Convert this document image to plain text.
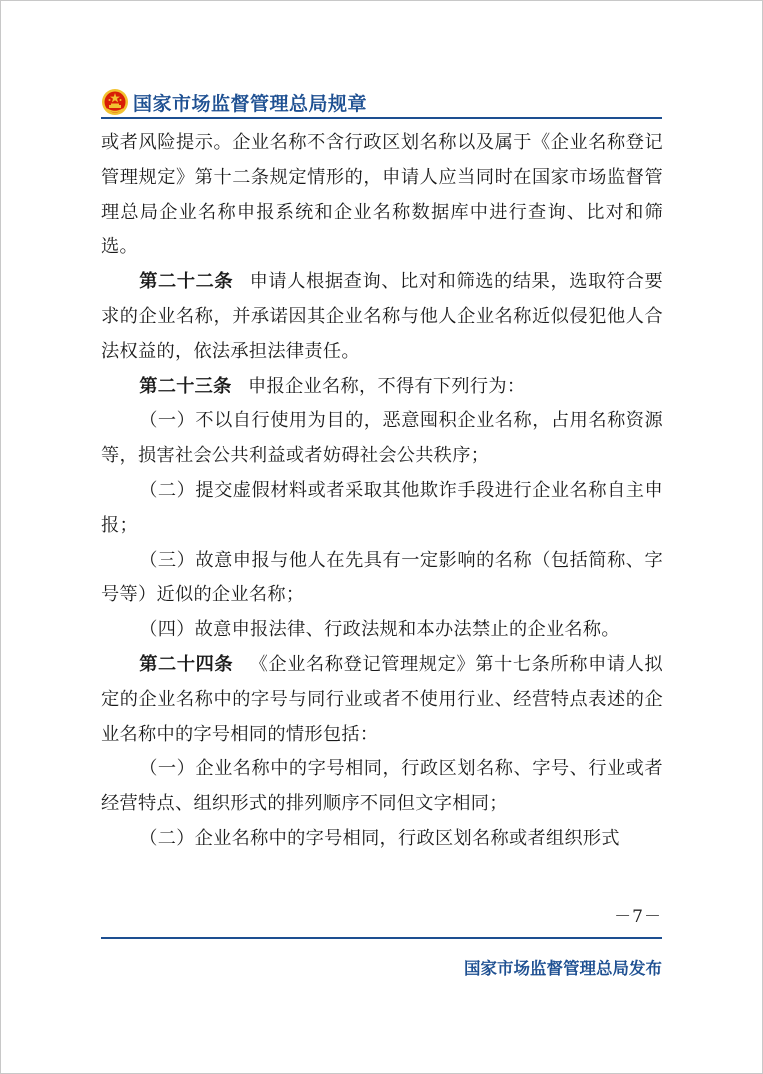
国家市场监督管理总局规章

或者风险提示。企业名称不含行政区划名称以及属于《企业名称登记管理规定》第十二条规定情形的，申请人应当同时在国家市场监督管理总局企业名称申报系统和企业名称数据库中进行查询、比对和筛选。

第二十二条 申请人根据查询、比对和筛选的结果，选取符合要求的企业名称，并承诺因其企业名称与他人企业名称近似侵犯他人合法权益的，依法承担法律责任。

第二十三条 申报企业名称，不得有下列行为：

（一）不以自行使用为目的，恶意囤积企业名称，占用名称资源等，损害社会公共利益或者妨碍社会公共秩序；

（二）提交虚假材料或者采取其他欺诈手段进行企业名称自主申报；

（三）故意申报与他人在先具有一定影响的名称（包括简称、字号等）近似的企业名称；

（四）故意申报法律、行政法规和本办法禁止的企业名称。

第二十四条 《企业名称登记管理规定》第十七条所称申请人拟定的企业名称中的字号与同行业或者不使用行业、经营特点表述的企业名称中的字号相同的情形包括：

（一）企业名称中的字号相同，行政区划名称、字号、行业或者经营特点、组织形式的排列顺序不同但文字相同；

（二）企业名称中的字号相同，行政区划名称或者组织形式

－7－
国家市场监督管理总局发布
